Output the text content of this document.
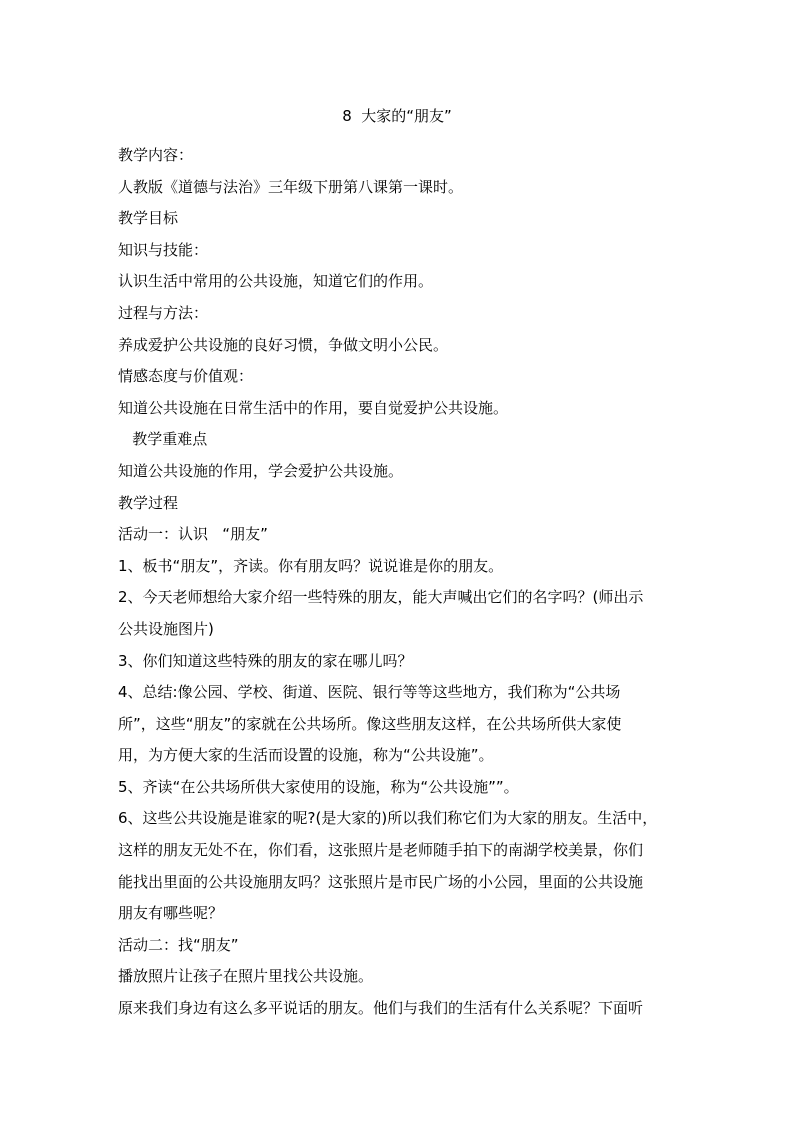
8  大家的“朋友”
教学内容：
人教版《道德与法治》三年级下册第八课第一课时。
教学目标
知识与技能：
认识生活中常用的公共设施，知道它们的作用。
过程与方法：
养成爱护公共设施的良好习惯，争做文明小公民。
情感态度与价值观：
知道公共设施在日常生活中的作用，要自觉爱护公共设施。
教学重难点
知道公共设施的作用，学会爱护公共设施。
教学过程
活动一：认识   “朋友”
1、板书“朋友”，齐读。你有朋友吗？说说谁是你的朋友。
2、今天老师想给大家介绍一些特殊的朋友，能大声喊出它们的名字吗？(师出示
公共设施图片)
3、你们知道这些特殊的朋友的家在哪儿吗？
4、总结:像公园、学校、街道、医院、银行等等这些地方，我们称为“公共场
所”，这些“朋友”的家就在公共场所。像这些朋友这样，在公共场所供大家使
用，为方便大家的生活而设置的设施，称为“公共设施”。
5、齐读“在公共场所供大家使用的设施，称为“公共设施””。
6、这些公共设施是谁家的呢?(是大家的)所以我们称它们为大家的朋友。生活中，
这样的朋友无处不在，你们看，这张照片是老师随手拍下的南湖学校美景，你们
能找出里面的公共设施朋友吗？这张照片是市民广场的小公园，里面的公共设施
朋友有哪些呢？
活动二：找“朋友”
播放照片让孩子在照片里找公共设施。
原来我们身边有这么多平说话的朋友。他们与我们的生活有什么关系呢？下面听
